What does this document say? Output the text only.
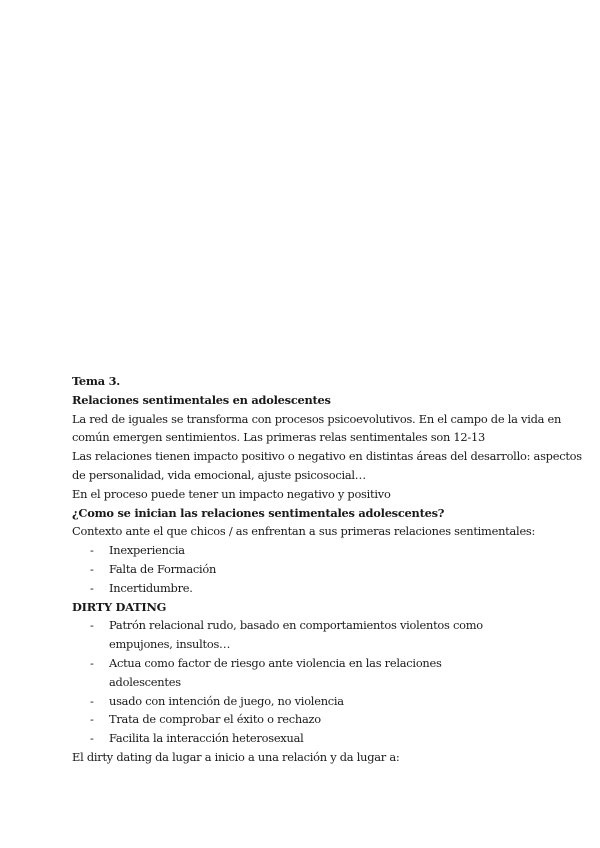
Tema 3.
Relaciones sentimentales en adolescentes
La red de iguales se transforma con procesos psicoevolutivos. En el campo de la vida en
común emergen sentimientos. Las primeras relas sentimentales son 12-13
Las relaciones tienen impacto positivo o negativo en distintas áreas del desarrollo: aspectos
de personalidad, vida emocional, ajuste psicosocial…
En el proceso puede tener un impacto negativo y positivo
¿Como se inician las relaciones sentimentales adolescentes?
Contexto ante el que chicos / as enfrentan a sus primeras relaciones sentimentales:
- Inexperiencia
- Falta de Formación
- Incertidumbre.
DIRTY DATING
- Patrón relacional rudo, basado en comportamientos violentos como empujones, insultos…
- Actua como factor de riesgo ante violencia en las relaciones adolescentes
- usado con intención de juego, no violencia
- Trata de comprobar el éxito o rechazo
- Facilita la interacción heterosexual
El dirty dating da lugar a inicio a una relación y da lugar a:
